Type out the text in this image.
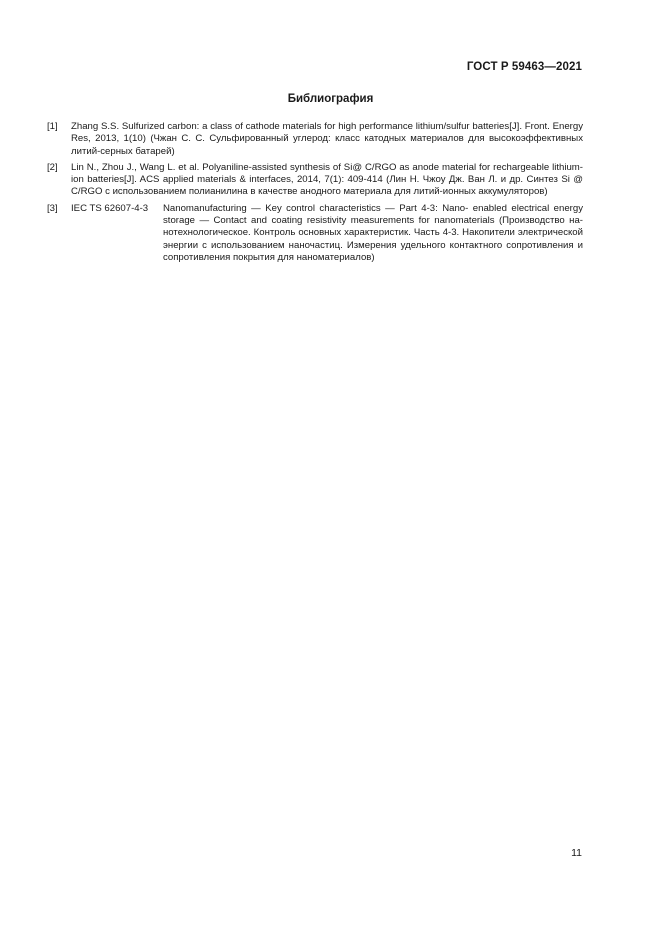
ГОСТ Р 59463—2021
Библиография
[1]	Zhang S.S. Sulfurized carbon: a class of cathode materials for high performance lithium/sulfur batteries[J]. Front. Energy Res, 2013, 1(10) (Чжан С. С. Сульфированный углерод: класс катодных материалов для высокоэффективных литий-серных батарей)
[2]	Lin N., Zhou J., Wang L. et al. Polyaniline-assisted synthesis of Si@ C/RGO as anode material for rechargeable lithium-ion batteries[J]. ACS applied materials & interfaces, 2014, 7(1): 409-414 (Лин Н. Чжоу Дж. Ван Л. и др. Синтез Si @ C/RGO с использованием полианилина в качестве анодного материала для литий-ионных аккумуляторов)
[3]	IEC TS 62607-4-3 Nanomanufacturing — Key control characteristics — Part 4-3: Nano- enabled electrical energy storage — Contact and coating resistivity measurements for nanomaterials (Производство нанотехнологическое. Контроль основных характеристик. Часть 4-3. Накопители электрической энергии с использованием наночастиц. Измерения удельного контактного сопротивления и сопротивления покрытия для наноматериалов)
11
